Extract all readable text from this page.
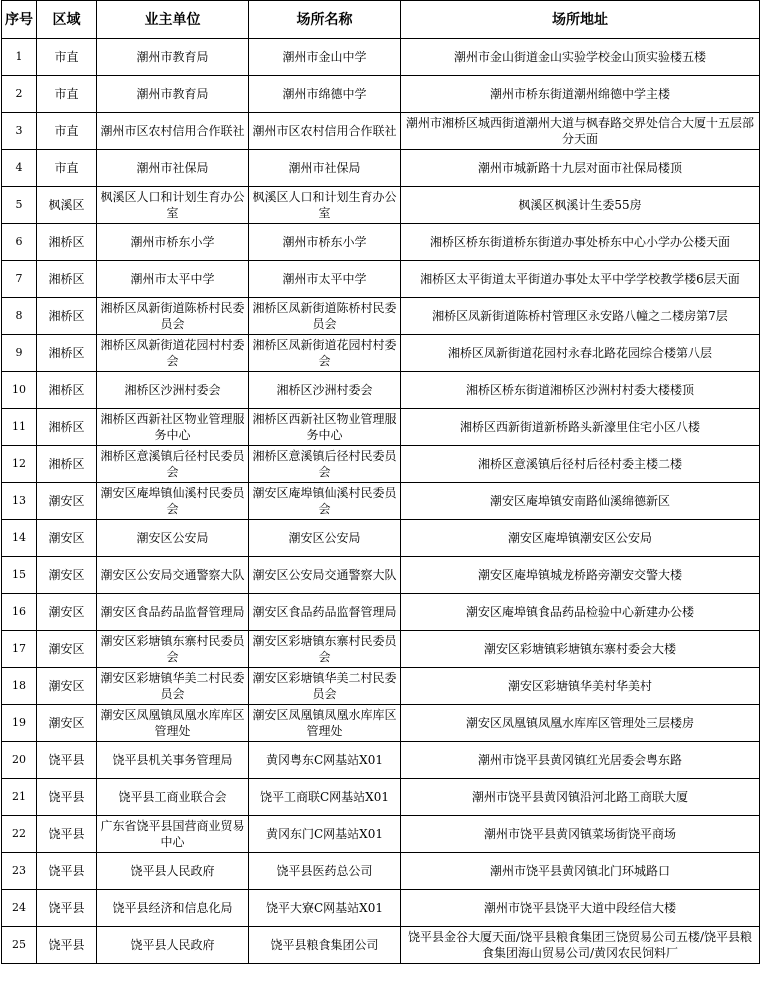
序号	区域	业主单位	场所名称	场所地址
1	市直	潮州市教育局	潮州市金山中学	潮州市金山街道金山实验学校金山顶实验楼五楼
2	市直	潮州市教育局	潮州市绵德中学	潮州市桥东街道潮州绵德中学主楼
3	市直	潮州市区农村信用合作联社	潮州市区农村信用合作联社	潮州市湘桥区城西街道潮州大道与枫春路交界处信合大厦十五层部分天面
4	市直	潮州市社保局	潮州市社保局	潮州市城新路十九层对面市社保局楼顶
5	枫溪区	枫溪区人口和计划生育办公室	枫溪区人口和计划生育办公室	枫溪区枫溪计生委55房
6	湘桥区	潮州市桥东小学	潮州市桥东小学	湘桥区桥东街道桥东街道办事处桥东中心小学办公楼天面
7	湘桥区	潮州市太平中学	潮州市太平中学	湘桥区太平街道太平街道办事处太平中学学校教学楼6层天面
8	湘桥区	湘桥区凤新街道陈桥村民委员会	湘桥区凤新街道陈桥村民委员会	湘桥区凤新街道陈桥村管理区永安路八幢之二楼房第7层
9	湘桥区	湘桥区凤新街道花园村村委会	湘桥区凤新街道花园村村委会	湘桥区凤新街道花园村永春北路花园综合楼第八层
10	湘桥区	湘桥区沙洲村委会	湘桥区沙洲村委会	湘桥区桥东街道湘桥区沙洲村村委大楼楼顶
11	湘桥区	湘桥区西新社区物业管理服务中心	湘桥区西新社区物业管理服务中心	湘桥区西新街道新桥路头新濠里住宅小区八楼
12	湘桥区	湘桥区意溪镇后径村民委员会	湘桥区意溪镇后径村民委员会	湘桥区意溪镇后径村后径村委主楼二楼
13	潮安区	潮安区庵埠镇仙溪村民委员会	潮安区庵埠镇仙溪村民委员会	潮安区庵埠镇安南路仙溪绵德新区
14	潮安区	潮安区公安局	潮安区公安局	潮安区庵埠镇潮安区公安局
15	潮安区	潮安区公安局交通警察大队	潮安区公安局交通警察大队	潮安区庵埠镇城龙桥路旁潮安交警大楼
16	潮安区	潮安区食品药品监督管理局	潮安区食品药品监督管理局	潮安区庵埠镇食品药品检验中心新建办公楼
17	潮安区	潮安区彩塘镇东寨村民委员会	潮安区彩塘镇东寨村民委员会	潮安区彩塘镇彩塘镇东寨村委会大楼
18	潮安区	潮安区彩塘镇华美二村民委员会	潮安区彩塘镇华美二村民委员会	潮安区彩塘镇华美村华美村
19	潮安区	潮安区凤凰镇凤凰水库库区管理处	潮安区凤凰镇凤凰水库库区管理处	潮安区凤凰镇凤凰水库库区管理处三层楼房
20	饶平县	饶平县机关事务管理局	黄冈粤东C网基站X01	潮州市饶平县黄冈镇红光居委会粤东路
21	饶平县	饶平县工商业联合会	饶平工商联C网基站X01	潮州市饶平县黄冈镇沿河北路工商联大厦
22	饶平县	广东省饶平县国营商业贸易中心	黄冈东门C网基站X01	潮州市饶平县黄冈镇菜场街饶平商场
23	饶平县	饶平县人民政府	饶平县医药总公司	潮州市饶平县黄冈镇北门环城路口
24	饶平县	饶平县经济和信息化局	饶平大寮C网基站X01	潮州市饶平县饶平大道中段经信大楼
25	饶平县	饶平县人民政府	饶平县粮食集团公司	饶平县金谷大厦天面/饶平县粮食集团三饶贸易公司五楼/饶平县粮食集团海山贸易公司/黄冈农民饲料厂
